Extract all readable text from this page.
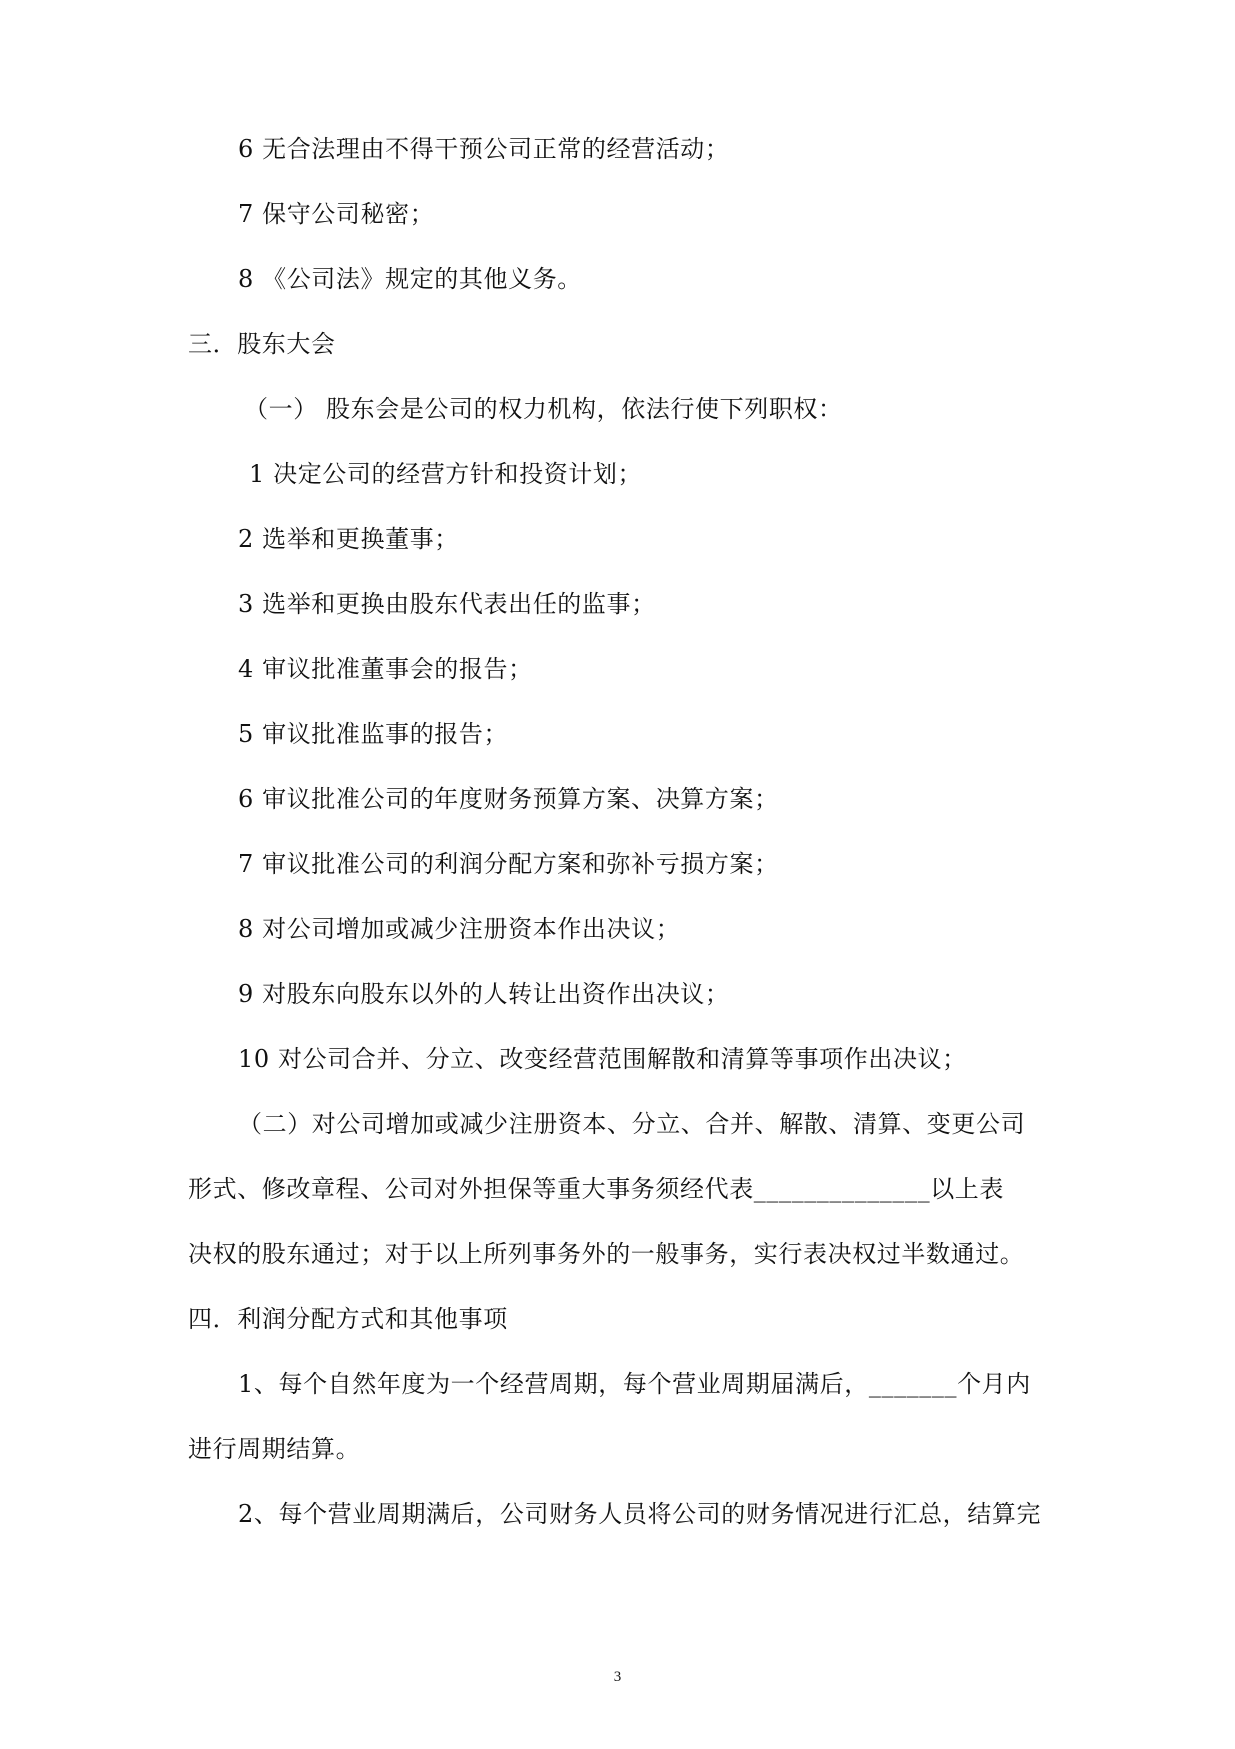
6 无合法理由不得干预公司正常的经营活动；
7 保守公司秘密；
8 《公司法》规定的其他义务。
三．股东大会
（一） 股东会是公司的权力机构，依法行使下列职权：
1 决定公司的经营方针和投资计划；
2 选举和更换董事；
3 选举和更换由股东代表出任的监事；
4 审议批准董事会的报告；
5 审议批准监事的报告；
6 审议批准公司的年度财务预算方案、决算方案；
7 审议批准公司的利润分配方案和弥补亏损方案；
8 对公司增加或减少注册资本作出决议；
9 对股东向股东以外的人转让出资作出决议；
10 对公司合并、分立、改变经营范围解散和清算等事项作出决议；
（二）对公司增加或减少注册资本、分立、合并、解散、清算、变更公司
形式、修改章程、公司对外担保等重大事务须经代表______________以上表
决权的股东通过；对于以上所列事务外的一般事务，实行表决权过半数通过。
四．利润分配方式和其他事项
1、每个自然年度为一个经营周期，每个营业周期届满后，_______个月内
进行周期结算。
2、每个营业周期满后，公司财务人员将公司的财务情况进行汇总，结算完
3
